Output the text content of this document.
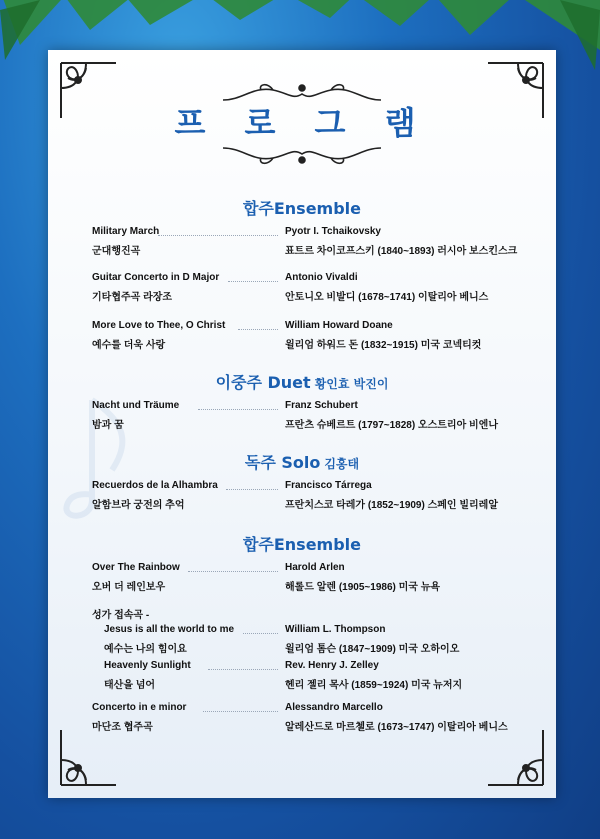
프 로 그 램
합주Ensemble
Military March	Pyotr I. Tchaikovsky
군대행진곡	표트르 차이코프스키 (1840~1893) 러시아 보스킨스크
Guitar Concerto in D Major	Antonio Vivaldi
기타협주곡 라장조	안토니오 비발디 (1678~1741) 이탈리아 베니스
More Love to Thee, O Christ	William Howard Doane
예수를 더욱 사랑	윌리엄 하워드 돈 (1832~1915) 미국 코넥티컷
이중주 Duet 황인효 박진이
Nacht und Träume	Franz Schubert
밤과 꿈	프란츠 슈베르트 (1797~1828) 오스트리아 비엔나
독주 Solo 김홍태
Recuerdos de la Alhambra	Francisco Tárrega
알함브라 궁전의 추억	프란치스코 타레가 (1852~1909) 스페인 빌리레알
합주Ensemble
Over The Rainbow	Harold Arlen
오버 더 레인보우	해롤드 알렌 (1905~1986) 미국 뉴욕
성가 접속곡 -
Jesus is all the world to me	William L. Thompson
예수는 나의 힘이요	윌리엄 톰슨 (1847~1909) 미국 오하이오
Heavenly Sunlight	Rev. Henry J. Zelley
태산을 넘어	헨리 젤리 목사 (1859~1924) 미국 뉴저지
Concerto in e minor	Alessandro Marcello
마단조 협주곡	알레산드로 마르첼로 (1673~1747) 이탈리아 베니스
